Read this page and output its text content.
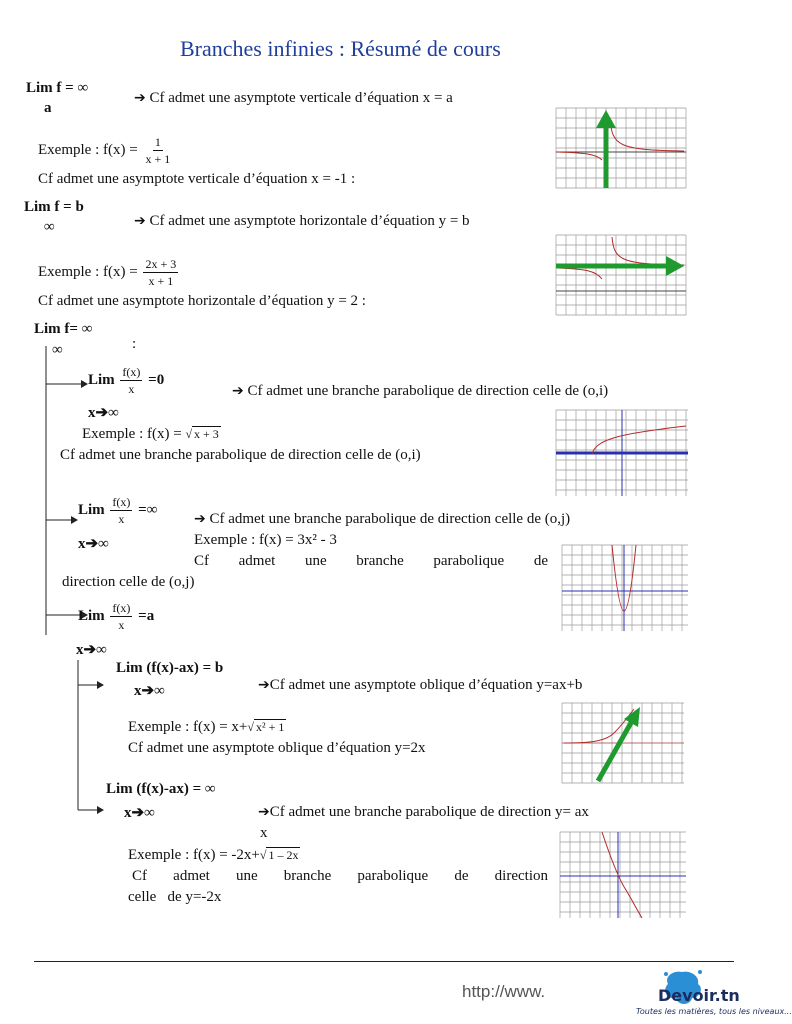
Branches infinies : Résumé de cours
Lim f = ∞
a
➔ Cf admet une asymptote verticale d’équation x = a
Exemple : $f(x) = \frac{1}{x + 1}$
Cf admet une asymptote verticale d’équation x = -1 :
Lim f = b
∞	➔ Cf admet une asymptote horizontale d’équation y = b
Exemple : $f(x) = \frac{2x + 3}{x + 1}$
Cf admet une asymptote horizontale d’équation y = 2 :
Lim f= ∞
∞	:
Lim $\frac{f(x)}{x} =0$
x➔∞
➔ Cf admet une branche parabolique de direction celle de (o,i)
Exemple : f(x) = √ x + 3
Cf admet une branche parabolique de direction celle de (o,i)
Lim $\frac{f(x)}{x}$ =∞
x➔∞
➔ Cf admet une branche parabolique de direction celle de (o,j)
Exemple : f(x) = 3x² - 3
Cf admet une branche parabolique de
direction celle de (o,j)
Lim $\frac{f(x)}{x} =a$
x➔∞
Lim (f(x)-ax) = b
x➔∞	➔Cf admet une asymptote oblique d’équation y=ax+b
Exemple : f(x) = x+√ x² + 1
Cf admet une asymptote oblique d’équation y=2x
Lim (f(x)-ax) = ∞
x➔∞	➔Cf admet une branche parabolique de direction y= ax
x
Exemple : f(x) = -2x+√ 1 – 2x
Cf admet une branche parabolique de direction
celle   de y=-2x
http://www.	Devoir.tn
Toutes les matières, tous les niveaux...
